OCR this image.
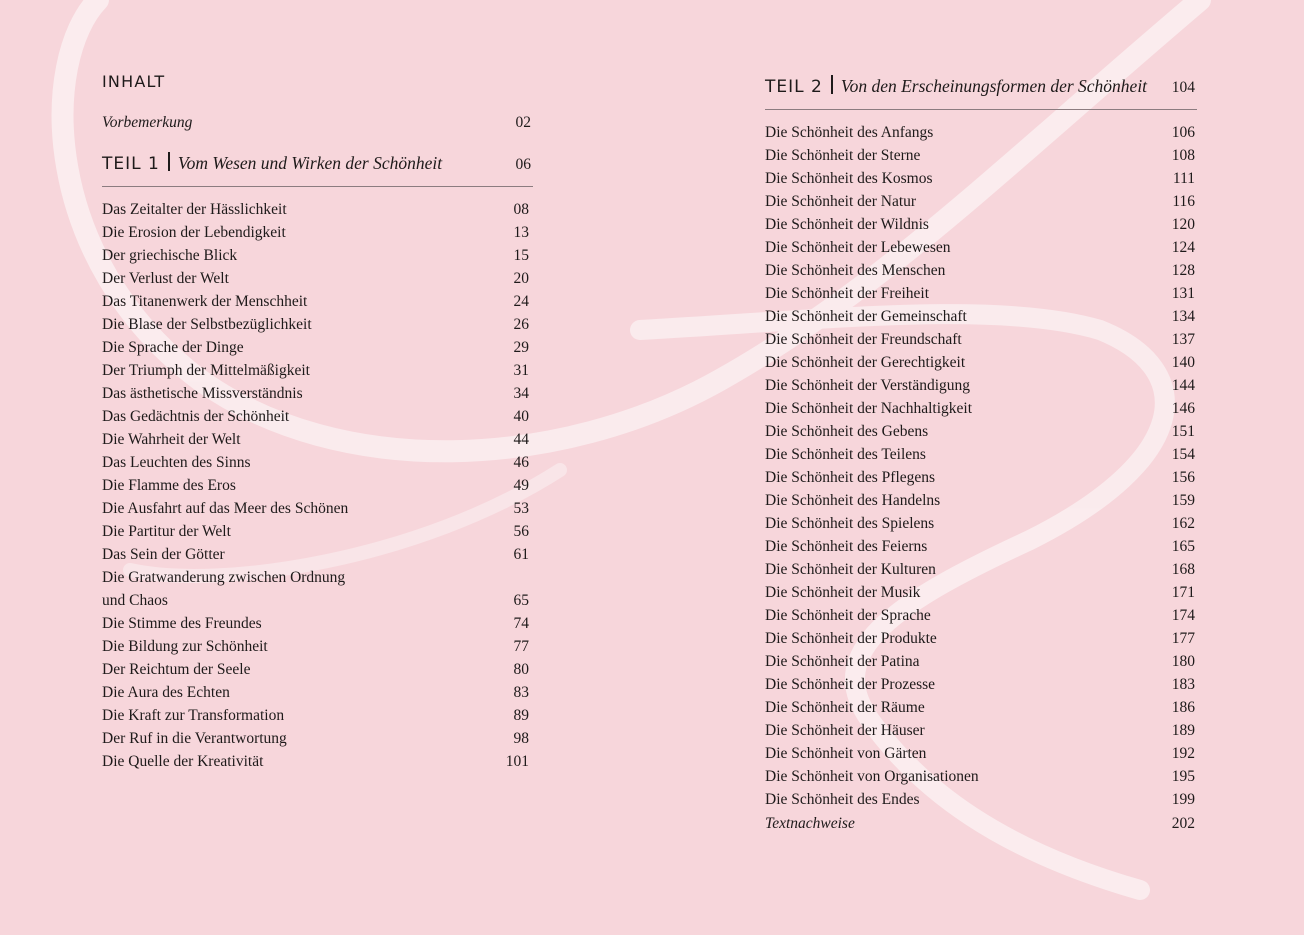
INHALT
Vorbemerkung	02
TEIL 1 Vom Wesen und Wirken der Schönheit	06
Das Zeitalter der Hässlichkeit	08
Die Erosion der Lebendigkeit	13
Der griechische Blick	15
Der Verlust der Welt	20
Das Titanenwerk der Menschheit	24
Die Blase der Selbstbezüglichkeit	26
Die Sprache der Dinge	29
Der Triumph der Mittelmäßigkeit	31
Das ästhetische Missverständnis	34
Das Gedächtnis der Schönheit	40
Die Wahrheit der Welt	44
Das Leuchten des Sinns	46
Die Flamme des Eros	49
Die Ausfahrt auf das Meer des Schönen	53
Die Partitur der Welt	56
Das Sein der Götter	61
Die Gratwanderung zwischen Ordnung
und Chaos	65
Die Stimme des Freundes	74
Die Bildung zur Schönheit	77
Der Reichtum der Seele	80
Die Aura des Echten	83
Die Kraft zur Transformation	89
Der Ruf in die Verantwortung	98
Die Quelle der Kreativität	101
TEIL 2 Von den Erscheinungsformen der Schönheit 104
Die Schönheit des Anfangs	106
Die Schönheit der Sterne	108
Die Schönheit des Kosmos	111
Die Schönheit der Natur	116
Die Schönheit der Wildnis	120
Die Schönheit der Lebewesen	124
Die Schönheit des Menschen	128
Die Schönheit der Freiheit	131
Die Schönheit der Gemeinschaft	134
Die Schönheit der Freundschaft	137
Die Schönheit der Gerechtigkeit	140
Die Schönheit der Verständigung	144
Die Schönheit der Nachhaltigkeit	146
Die Schönheit des Gebens	151
Die Schönheit des Teilens	154
Die Schönheit des Pflegens	156
Die Schönheit des Handelns	159
Die Schönheit des Spielens	162
Die Schönheit des Feierns	165
Die Schönheit der Kulturen	168
Die Schönheit der Musik	171
Die Schönheit der Sprache	174
Die Schönheit der Produkte	177
Die Schönheit der Patina	180
Die Schönheit der Prozesse	183
Die Schönheit der Räume	186
Die Schönheit der Häuser	189
Die Schönheit von Gärten	192
Die Schönheit von Organisationen	195
Die Schönheit des Endes	199
Textnachweise	202
